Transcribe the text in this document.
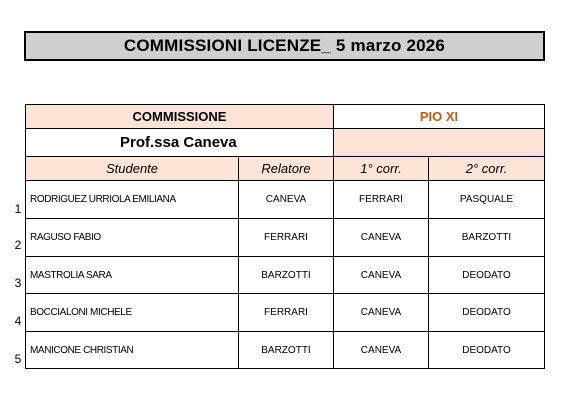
COMMISSIONI LICENZE_ 5 marzo 2026
COMMISSIONE	PIO XI
Prof.ssa Caneva
Studente	Relatore	1° corr.	2° corr.
1
RODRIGUEZ URRIOLA EMILIANA	CANEVA	FERRARI	PASQUALE
2
RAGUSO FABIO	FERRARI	CANEVA	BARZOTTI
3
MASTROLIA SARA	BARZOTTI	CANEVA	DEODATO
4
BOCCIALONI MICHELE	FERRARI	CANEVA	DEODATO
5
MANICONE CHRISTIAN	BARZOTTI	CANEVA	DEODATO
